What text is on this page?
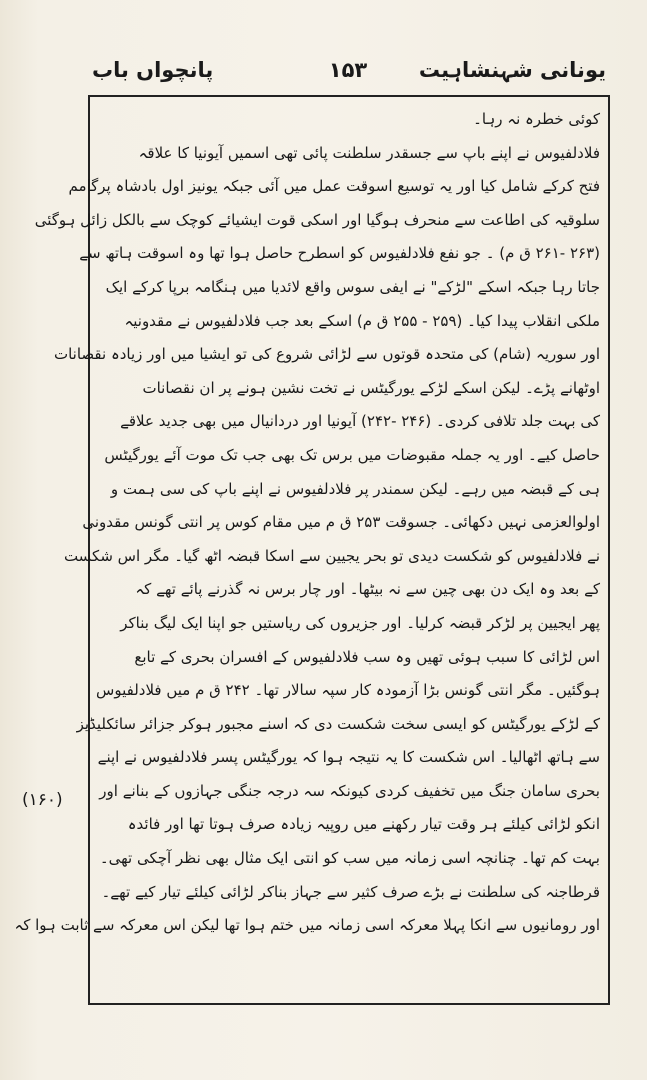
یونانی شہنشاہیت
۱۵۳
پانچواں باب
کوئی خطرہ نہ رہا۔
فلادلفیوس نے اپنے باپ سے جسقدر سلطنت پائی تھی اسمیں آیونیا کا علاقہ
فتح کرکے شامل کیا اور یہ توسیع اسوقت عمل میں آئی جبکہ یونیز اول بادشاہ پرگامم
سلوقیہ کی اطاعت سے منحرف ہوگیا اور اسکی قوت ایشیائے کوچک سے بالکل زائل ہوگئی
(۲۶۳ -۲۶۱ ق م) ۔ جو نفع فلادلفیوس کو اسطرح حاصل ہوا تھا وہ اسوقت ہاتھ سے
جاتا رہا جبکہ اسکے "لڑکے" نے ایفی سوس واقع لائدیا میں ہنگامہ برپا کرکے ایک
ملکی انقلاب پیدا کیا۔ (۲۵۹ - ۲۵۵ ق م) اسکے بعد جب فلادلفیوس نے مقدونیہ
اور سوریہ (شام) کی متحدہ قوتوں سے لڑائی شروع کی تو ایشیا میں اور زیادہ نقصانات
اوٹھانے پڑے۔ لیکن اسکے لڑکے یورگیٹس نے تخت نشین ہونے پر ان نقصانات
کی بہت جلد تلافی کردی۔ (۲۴۶ -۲۴۲) آیونیا اور دردانیال میں بھی جدید علاقے
حاصل کیے۔ اور یہ جملہ مقبوضات میں برس تک بھی جب تک موت آئے یورگیٹس
ہی کے قبضہ میں رہے۔ لیکن سمندر پر فلادلفیوس نے اپنے باپ کی سی ہمت و
اولوالعزمی نہیں دکھائی۔ جسوقت ۲۵۳ ق م میں مقام کوس پر انتی گونس مقدونی
نے فلادلفیوس کو شکست دیدی تو بحر یجیین سے اسکا قبضہ اٹھ گیا۔ مگر اس شکست
کے بعد وہ ایک دن بھی چین سے نہ بیٹھا۔ اور چار برس نہ گذرنے پائے تھے کہ
پھر ایجیین پر لڑکر قبضہ کرلیا۔ اور جزیروں کی ریاستیں جو اپنا ایک لیگ بناکر
اس لڑائی کا سبب ہوئی تھیں وہ سب فلادلفیوس کے افسران بحری کے تابع
ہوگئیں۔ مگر انتی گونس بڑا آزمودہ کار سپہ سالار تھا۔ ۲۴۲ ق م میں فلادلفیوس
کے لڑکے یورگیٹس کو ایسی سخت شکست دی کہ اسنے مجبور ہوکر جزائر سائکلیڈیز
سے ہاتھ اٹھالیا۔ اس شکست کا یہ نتیجہ ہوا کہ یورگیٹس پسر فلادلفیوس نے اپنے
بحری سامان جنگ میں تخفیف کردی کیونکہ سہ درجہ جنگی جہازوں کے بنانے اور
انکو لڑائی کیلئے ہر وقت تیار رکھنے میں روپیہ زیادہ صرف ہوتا تھا اور فائدہ
بہت کم تھا۔ چنانچہ اسی زمانہ میں سب کو انتی ایک مثال بھی نظر آچکی تھی۔
قرطاجنہ کی سلطنت نے بڑے صرف کثیر سے جہاز بناکر لڑائی کیلئے تیار کیے تھے۔
اور رومانیوں سے انکا پہلا معرکہ اسی زمانہ میں ختم ہوا تھا لیکن اس معرکہ سے ثابت ہوا کہ
(۱۶۰)
